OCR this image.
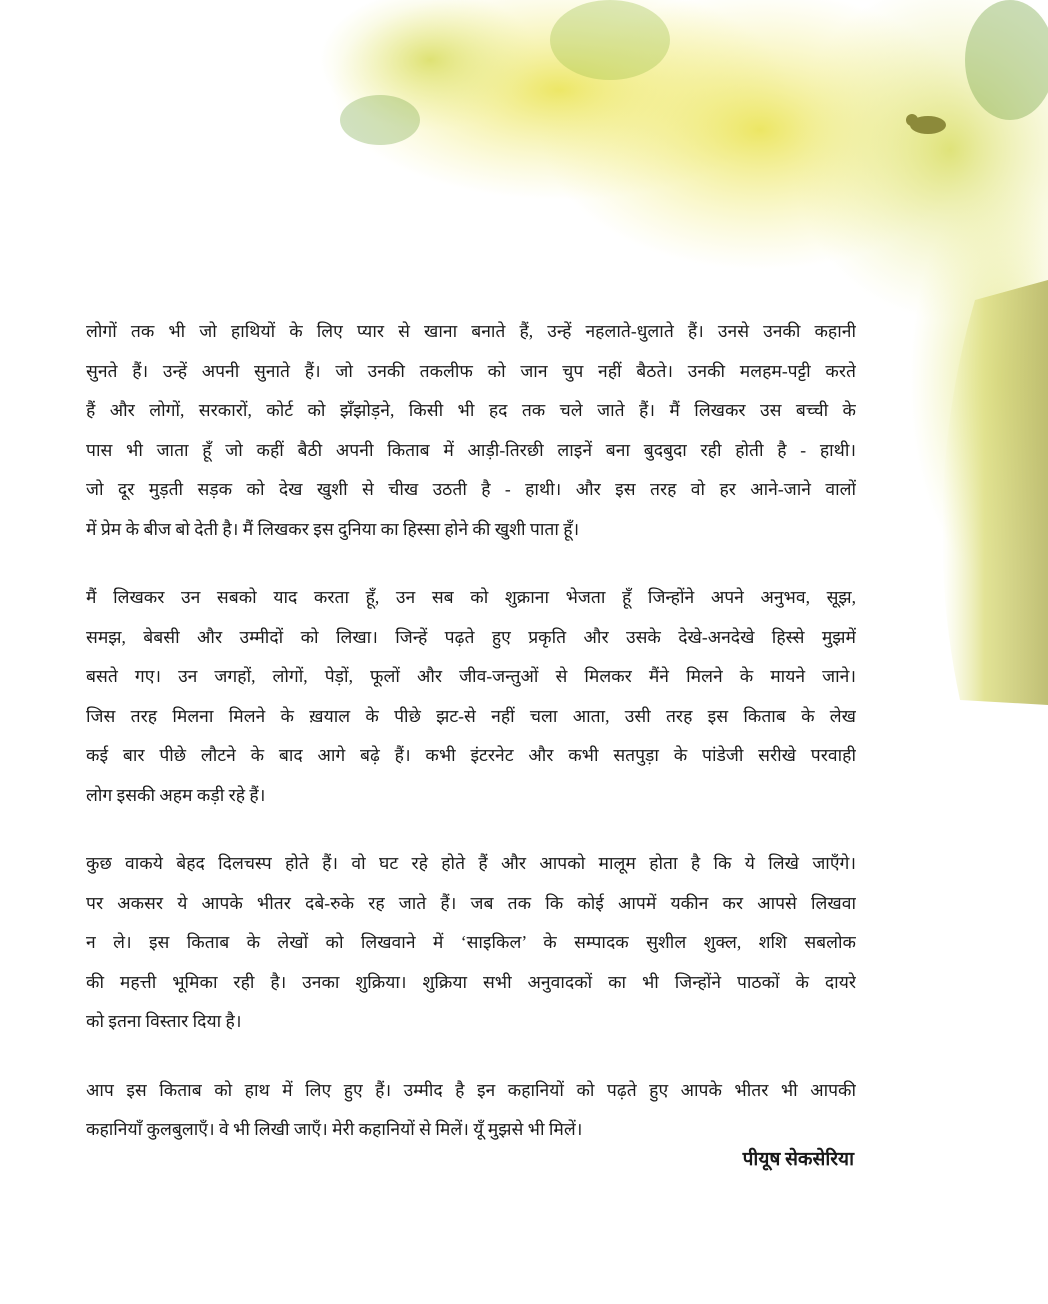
लोगों तक भी जो हाथियों के लिए प्यार से खाना बनाते हैं, उन्हें नहलाते-धुलाते हैं। उनसे उनकी कहानी
सुनते हैं। उन्हें अपनी सुनाते हैं। जो उनकी तकलीफ को जान चुप नहीं बैठते। उनकी मलहम-पट्टी करते
हैं और लोगों, सरकारों, कोर्ट को झँझोड़ने, किसी भी हद तक चले जाते हैं। मैं लिखकर उस बच्ची के
पास भी जाता हूँ जो कहीं बैठी अपनी किताब में आड़ी-तिरछी लाइनें बना बुदबुदा रही होती है - हाथी।
जो दूर मुड़ती सड़क को देख खुशी से चीख उठती है - हाथी। और इस तरह वो हर आने-जाने वालों
में प्रेम के बीज बो देती है। मैं लिखकर इस दुनिया का हिस्सा होने की खुशी पाता हूँ।
मैं लिखकर उन सबको याद करता हूँ, उन सब को शुक्राना भेजता हूँ जिन्होंने अपने अनुभव, सूझ,
समझ, बेबसी और उम्मीदों को लिखा। जिन्हें पढ़ते हुए प्रकृति और उसके देखे-अनदेखे हिस्से मुझमें
बसते गए। उन जगहों, लोगों, पेड़ों, फूलों और जीव-जन्तुओं से मिलकर मैंने मिलने के मायने जाने।
जिस तरह मिलना मिलने के ख़याल के पीछे झट-से नहीं चला आता, उसी तरह इस किताब के लेख
कई बार पीछे लौटने के बाद आगे बढ़े हैं। कभी इंटरनेट और कभी सतपुड़ा के पांडेजी सरीखे परवाही
लोग इसकी अहम कड़ी रहे हैं।
कुछ वाकये बेहद दिलचस्प होते हैं। वो घट रहे होते हैं और आपको मालूम होता है कि ये लिखे जाएँगे।
पर अकसर ये आपके भीतर दबे-रुके रह जाते हैं। जब तक कि कोई आपमें यकीन कर आपसे लिखवा
न ले। इस किताब के लेखों को लिखवाने में ‘साइकिल’ के सम्पादक सुशील शुक्ल, शशि सबलोक
की महत्ती भूमिका रही है। उनका शुक्रिया। शुक्रिया सभी अनुवादकों का भी जिन्होंने पाठकों के दायरे
को इतना विस्तार दिया है।
आप इस किताब को हाथ में लिए हुए हैं। उम्मीद है इन कहानियों को पढ़ते हुए आपके भीतर भी आपकी
कहानियाँ कुलबुलाएँ। वे भी लिखी जाएँ। मेरी कहानियों से मिलें। यूँ मुझसे भी मिलें।
पीयूष सेकसेरिया
